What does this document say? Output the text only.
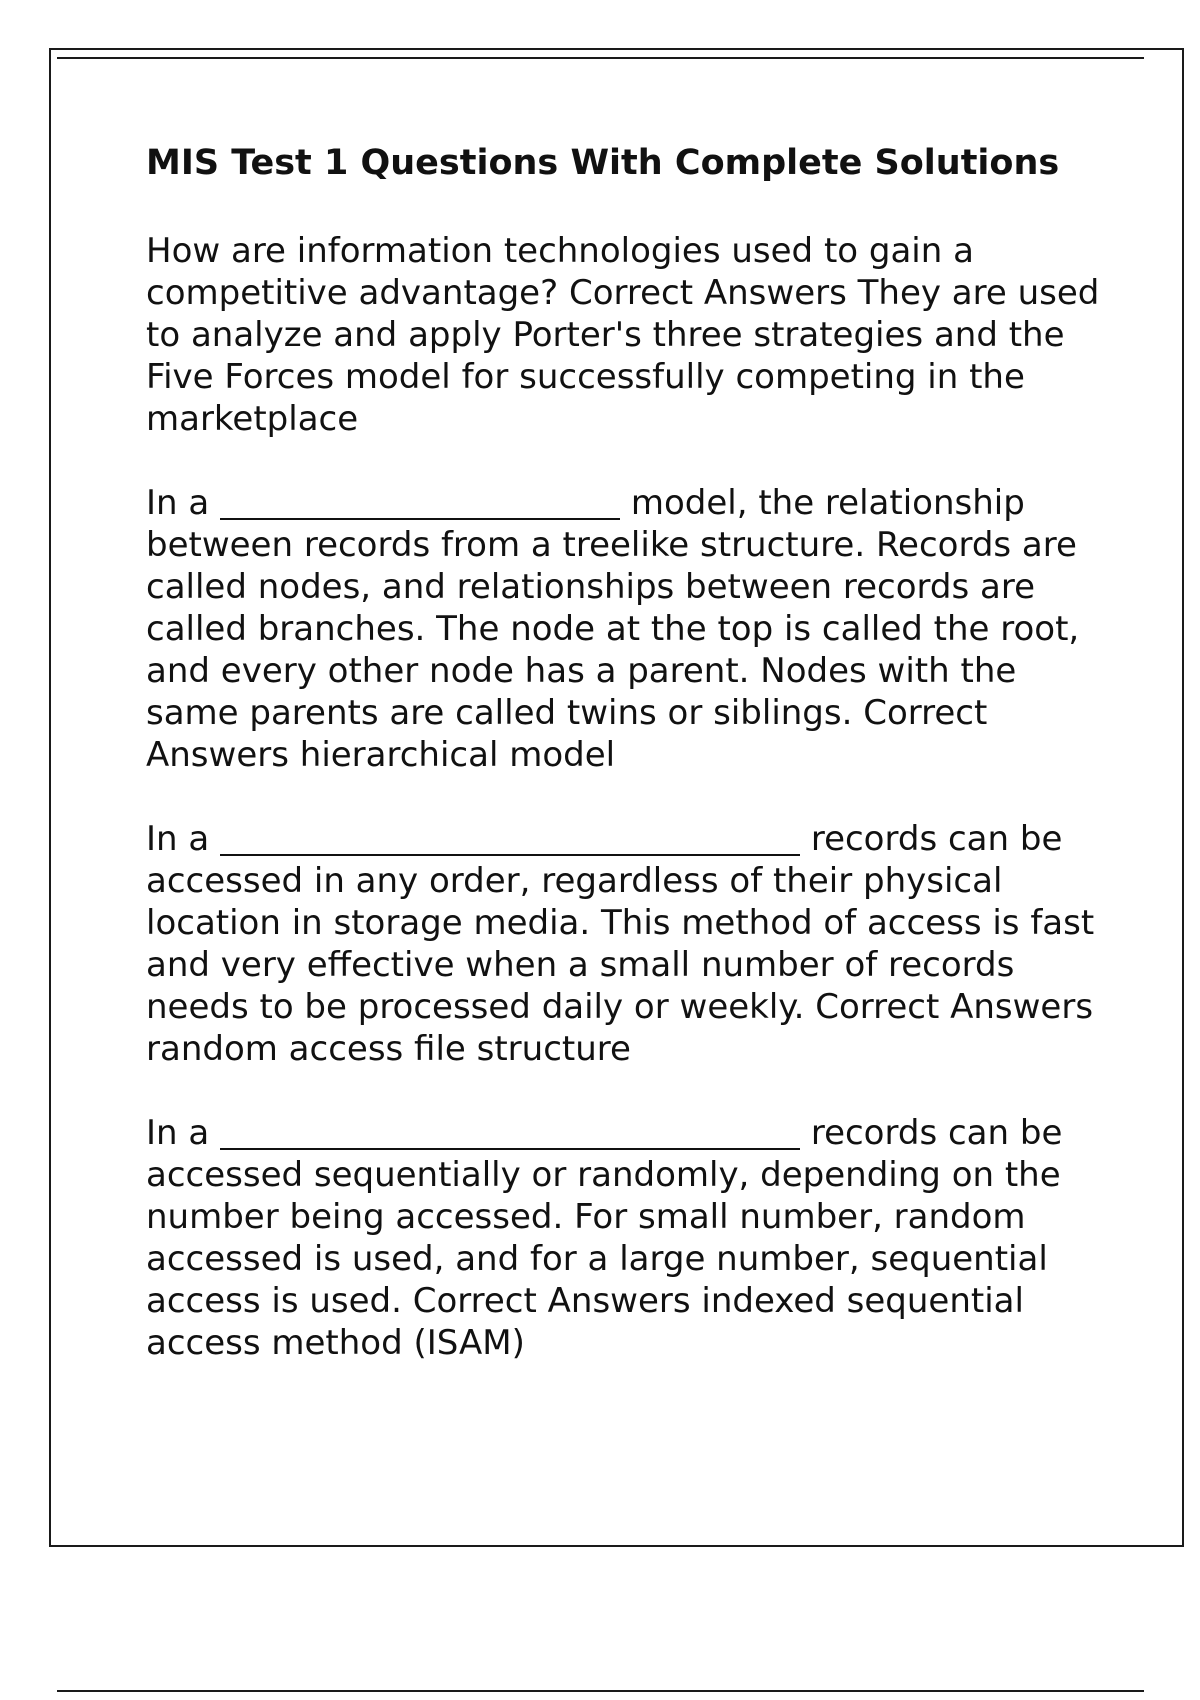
MIS Test 1 Questions With Complete Solutions

How are information technologies used to gain a competitive advantage? Correct Answers They are used to analyze and apply Porter's three strategies and the Five Forces model for successfully competing in the marketplace

In a	model, the relationship between records from a treelike structure. Records are called nodes, and relationships between records are called branches. The node at the top is called the root, and every other node has a parent. Nodes with the same parents are called twins or siblings. Correct Answers hierarchical model

In a	records can be accessed in any order, regardless of their physical location in storage media. This method of access is fast and very effective when a small number of records needs to be processed daily or weekly. Correct Answers random access file structure

In a	records can be accessed sequentially or randomly, depending on the number being accessed. For small number, random accessed is used, and for a large number, sequential access is used. Correct Answers indexed sequential access method (ISAM)
